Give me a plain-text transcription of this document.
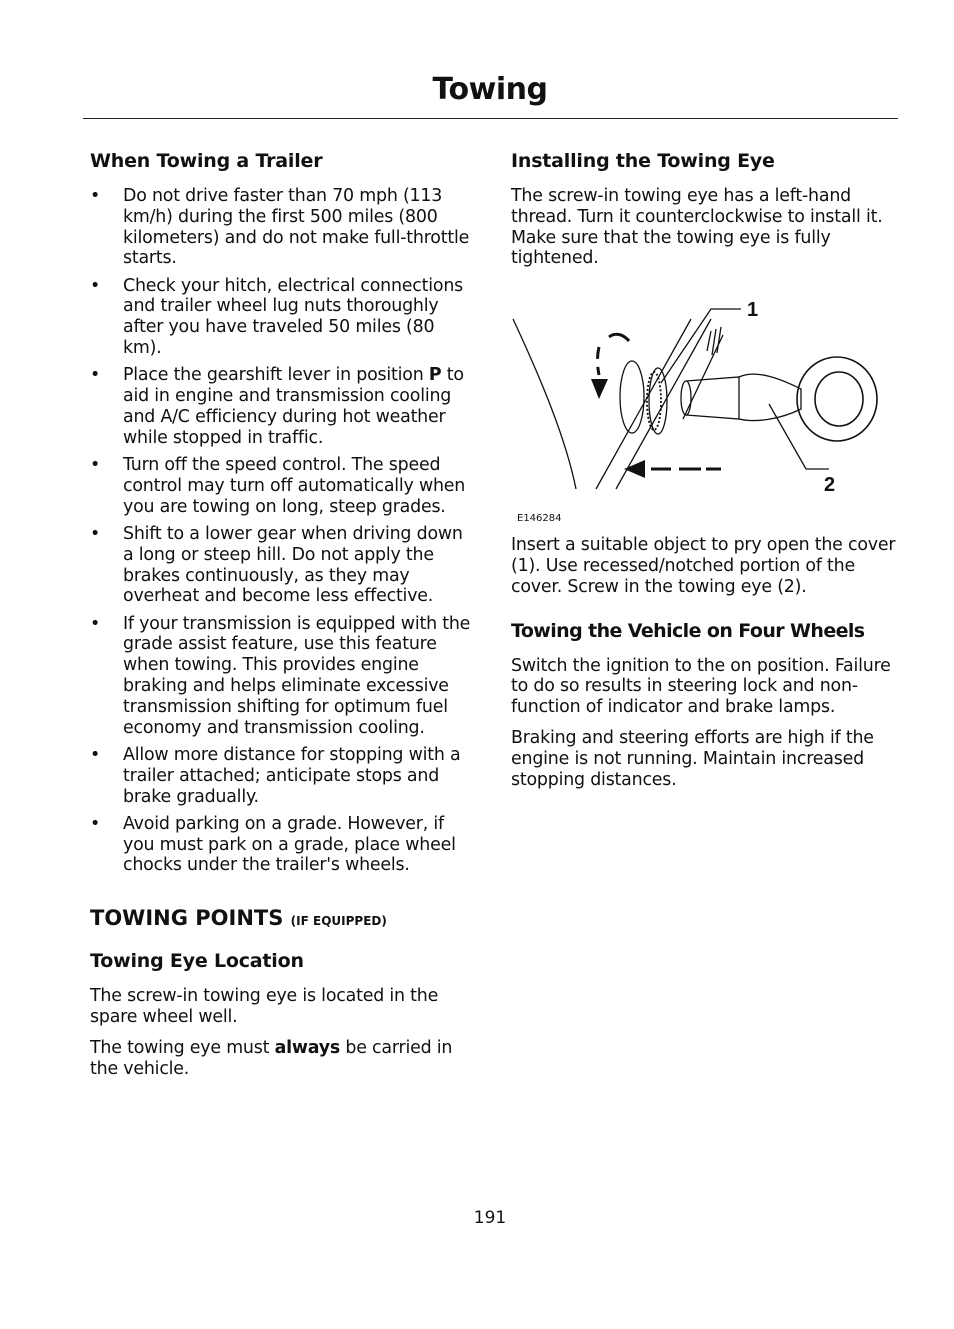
Towing
When Towing a Trailer
• Do not drive faster than 70 mph (113 km/h) during the first 500 miles (800 kilometers) and do not make full-throttle starts.
• Check your hitch, electrical connections and trailer wheel lug nuts thoroughly after you have traveled 50 miles (80 km).
• Place the gearshift lever in position P to aid in engine and transmission cooling and A/C efficiency during hot weather while stopped in traffic.
• Turn off the speed control. The speed control may turn off automatically when you are towing on long, steep grades.
• Shift to a lower gear when driving down a long or steep hill. Do not apply the brakes continuously, as they may overheat and become less effective.
• If your transmission is equipped with the grade assist feature, use this feature when towing. This provides engine braking and helps eliminate excessive transmission shifting for optimum fuel economy and transmission cooling.
• Allow more distance for stopping with a trailer attached; anticipate stops and brake gradually.
• Avoid parking on a grade. However, if you must park on a grade, place wheel chocks under the trailer's wheels.
TOWING POINTS (IF EQUIPPED)
Towing Eye Location

The screw-in towing eye is located in the spare wheel well.

The towing eye must always be carried in the vehicle.

Installing the Towing Eye

The screw-in towing eye has a left-hand thread. Turn it counterclockwise to install it. Make sure that the towing eye is fully tightened.

1
2
E146284

Insert a suitable object to pry open the cover (1). Use recessed/notched portion of the cover. Screw in the towing eye (2).

Towing the Vehicle on Four Wheels

Switch the ignition to the on position. Failure to do so results in steering lock and non-function of indicator and brake lamps.

Braking and steering efforts are high if the engine is not running. Maintain increased stopping distances.

191
